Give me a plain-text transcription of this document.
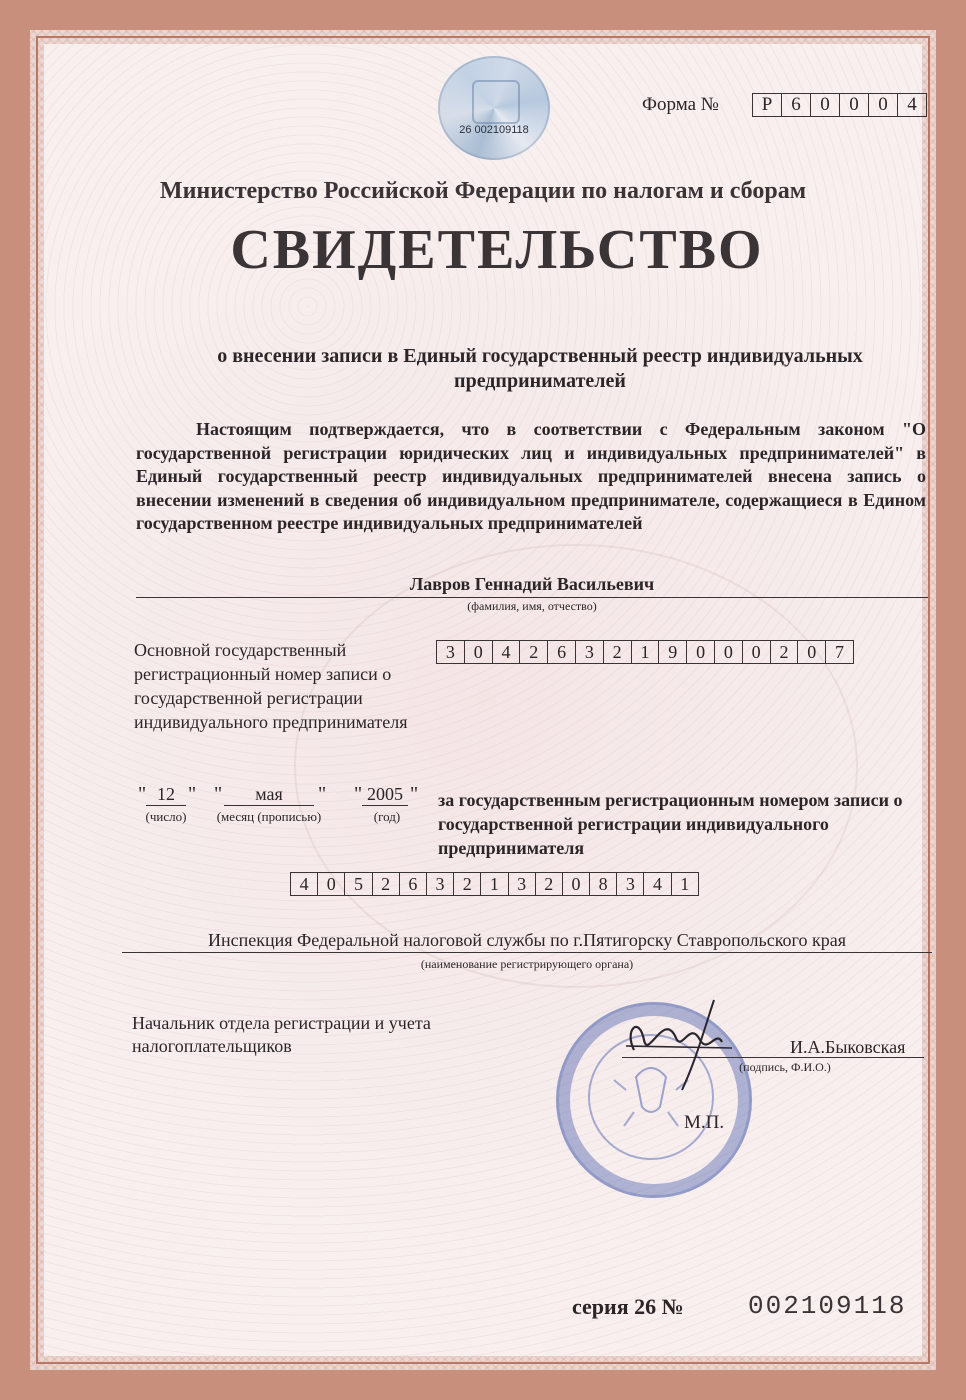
26 002109118
Форма №	Р 6	0	0	0	4
Министерство Российской Федерации по налогам и сборам
СВИДЕТЕЛЬСТВО
о внесении записи в Единый государственный реестр индивидуальных предпринимателей
Настоящим подтверждается, что в соответствии с Федеральным законом "О государственной регистрации юридических лиц и индивидуальных предпринимателей" в Единый государственный реестр индивидуальных предпринимателей внесена запись о внесении изменений в сведения об индивидуальном предпринимателе, содержащиеся в Едином государственном реестре индивидуальных предпринимателей
Лавров Геннадий Васильевич
(фамилия, имя, отчество)
Основной государственный регистрационный номер записи о государственной регистрации индивидуального предпринимателя
3	0	4	2	6	3	2	1	9	0	0	0	2	0	7
" 12 " "	мая	" " 2005 "
(число)	(месяц (прописью)	(год)
за государственным регистрационным номером записи о государственной регистрации индивидуального предпринимателя
4	0	5	2	6	3	2	1	3	2	0	8	3	4	1
Инспекция Федеральной налоговой службы по г.Пятигорску Ставропольского края
(наименование регистрирующего органа)
Начальник отдела регистрации и учета налогоплательщиков	И.А.Быковская
(подпись, Ф.И.О.)
М.П.
серия 26 № 002109118
